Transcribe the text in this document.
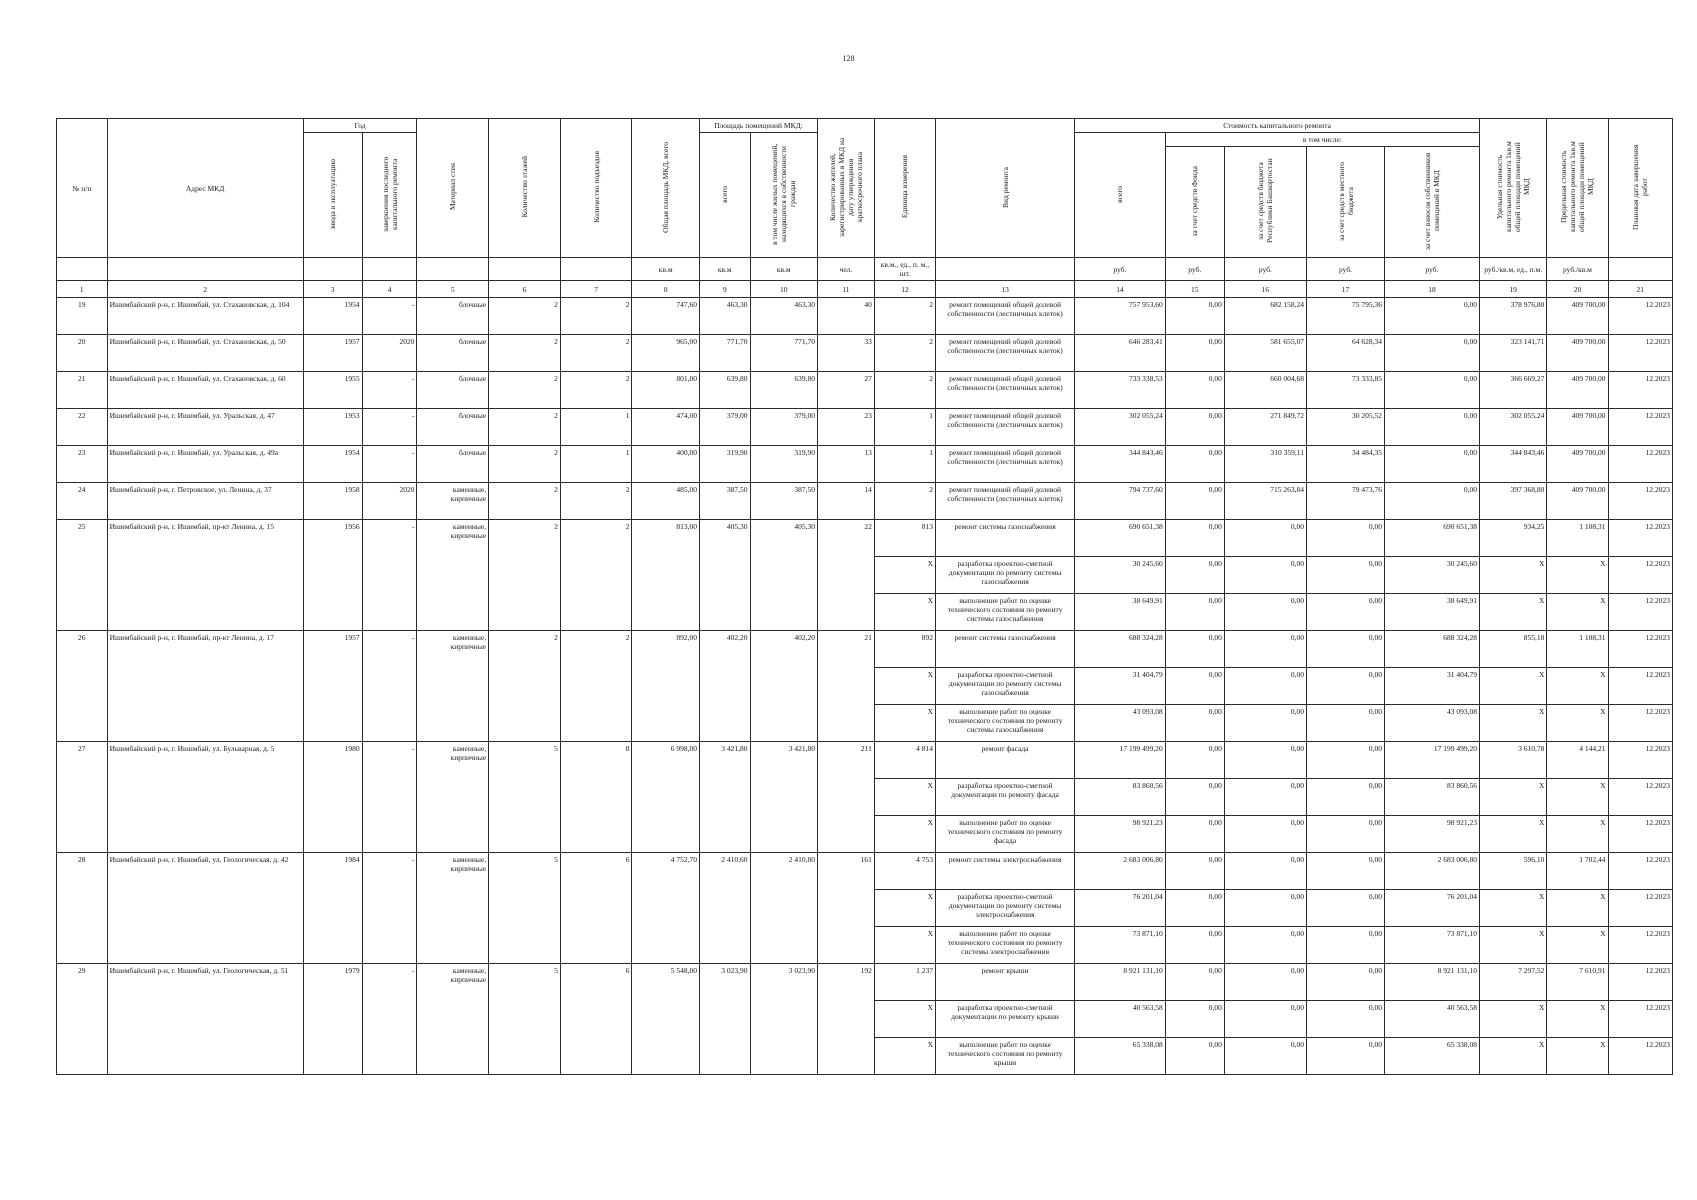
128
№ п/п	Адрес МКД	Год		Материал стен	Количество этажей	Количество подъездов	Общая площадь МКД, всего	Площадь помещений МКД:		Количество жителей, зарегистрированных в МКД на дату утверждения краткосрочного плана	Единица измерения	Вид ремонта	Стоимость капитального ремонта					Удельная стоимость капитального ремонта 1кв.м общей площади помещений МКД	Предельная стоимость капитального ремонта 1кв.м общей площади помещений МКД	Плановая дата завершения работ
		ввода в эксплуатацию	завершения последнего капитального ремонта					всего	в том числе жилых помещений, находящихся в собственности граждан				всего	в том числе:						
														за счет средств Фонда	за счет средств бюджета Республики Башкортостан	за счет средств местного бюджета	за счет взносов собственников помещений в МКД			
							кв.м	кв.м	кв.м	чел.	кв.м., ед., п. м., шт.		руб.	руб.	руб.	руб.	руб.	руб./кв.м, ед., п.м.	руб./кв.м	
1	2	3	4	5	6	7	8	9	10	11	12	13	14	15	16	17	18	19	20	21
19	Ишимбайский р-н, г. Ишимбай, ул. Стахановская, д. 104	1954	-	блочные	2	2	747,60	463,30	463,30	40	2	ремонт помещений общей долевой собственности (лестничных клеток)	757 953,60	0,00	682 158,24	75 795,36	0,00	378 976,80	409 700,00	12.2023
20	Ишимбайский р-н, г. Ишимбай, ул. Стахановская, д. 50	1957	2020	блочные	2	2	965,00	771,70	771,70	33	2	ремонт помещений общей долевой собственности (лестничных клеток)	646 283,41	0,00	581 655,07	64 628,34	0,00	323 141,71	409 700,00	12.2023
21	Ишимбайский р-н, г. Ишимбай, ул. Стахановская, д. 60	1955	-	блочные	2	2	801,00	639,80	639,80	27	2	ремонт помещений общей долевой собственности (лестничных клеток)	733 338,53	0,00	660 004,68	73 333,85	0,00	366 669,27	409 700,00	12.2023
22	Ишимбайский р-н, г. Ишимбай, ул. Уральская, д. 47	1953	-	блочные	2	1	474,00	379,00	379,00	23	1	ремонт помещений общей долевой собственности (лестничных клеток)	302 055,24	0,00	271 849,72	30 205,52	0,00	302 055,24	409 700,00	12.2023
23	Ишимбайский р-н, г. Ишимбай, ул. Уральская, д. 49а	1954	-	блочные	2	1	400,00	319,90	319,90	13	1	ремонт помещений общей долевой собственности (лестничных клеток)	344 843,46	0,00	310 359,11	34 484,35	0,00	344 843,46	409 700,00	12.2023
24	Ишимбайский р-н, г. Петровское, ул. Ленина, д. 37	1958	2020	каменные, кирпичные	2	2	485,00	387,50	387,50	14	2	ремонт помещений общей долевой собственности (лестничных клеток)	794 737,60	0,00	715 263,84	79 473,76	0,00	397 368,80	409 700,00	12.2023
25	Ишимбайский р-н, г. Ишимбай, пр-кт Ленина, д. 15	1956	-	каменные, кирпичные	2	2	813,00	405,30	405,30	22	813	ремонт системы газоснабжения	690 651,38	0,00	0,00	0,00	690 651,38	934,25	1 108,31	12.2023
											X	разработка проектно-сметной документации по ремонту системы газоснабжения	30 245,60	0,00	0,00	0,00	30 245,60	X	X	12.2023
											X	выполнение работ по оценке технического состояния по ремонту системы газоснабжения	38 649,91	0,00	0,00	0,00	38 649,91	X	X	12.2023
26	Ишимбайский р-н, г. Ишимбай, пр-кт Ленина, д. 17	1957	-	каменные, кирпичные	2	2	892,00	402,20	402,20	21	892	ремонт системы газоснабжения	688 324,28	0,00	0,00	0,00	688 324,28	855,18	1 108,31	12.2023
											X	разработка проектно-сметной документации по ремонту системы газоснабжения	31 404,79	0,00	0,00	0,00	31 404,79	X	X	12.2023
											X	выполнение работ по оценке технического состояния по ремонту системы газоснабжения	43 093,08	0,00	0,00	0,00	43 093,08	X	X	12.2023
27	Ишимбайский р-н, г. Ишимбай, ул. Бульварная, д. 5	1980	-	каменные, кирпичные	5	8	6 998,00	3 421,80	3 421,80	211	4 814	ремонт фасада	17 199 499,20	0,00	0,00	0,00	17 199 499,20	3 610,78	4 144,21	12.2023
											X	разработка проектно-сметной документации по ремонту фасада	83 860,56	0,00	0,00	0,00	83 860,56	X	X	12.2023
											X	выполнение работ по оценке технического состояния по ремонту фасада	98 921,23	0,00	0,00	0,00	98 921,23	X	X	12.2023
28	Ишимбайский р-н, г. Ишимбай, ул. Геологическая, д. 42	1984	-	каменные, кирпичные	5	6	4 752,70	2 410,60	2 410,80	161	4 753	ремонт системы электроснабжения	2 683 006,80	0,00	0,00	0,00	2 683 006,80	596,10	1 702,44	12.2023
											X	разработка проектно-сметной документации по ремонту системы электроснабжения	76 201,04	0,00	0,00	0,00	76 201,04	X	X	12.2023
											X	выполнение работ по оценке технического состояния по ремонту системы электроснабжения	73 871,10	0,00	0,00	0,00	73 871,10	X	X	12.2023
29	Ишимбайский р-н, г. Ишимбай, ул. Геологическая, д. 51	1979	-	каменные, кирпичные	5	6	5 548,00	3 023,90	3 023,90	192	1 237	ремонт крыши	8 921 131,10	0,00	0,00	0,00	8 921 131,10	7 297,52	7 610,91	12.2023
											X	разработка проектно-сметной документации по ремонту крыши	40 563,58	0,00	0,00	0,00	40 563,58	X	X	12.2023
											X	выполнение работ по оценке технического состояния по ремонту крыши	65 338,08	0,00	0,00	0,00	65 338,08	X	X	12.2023
